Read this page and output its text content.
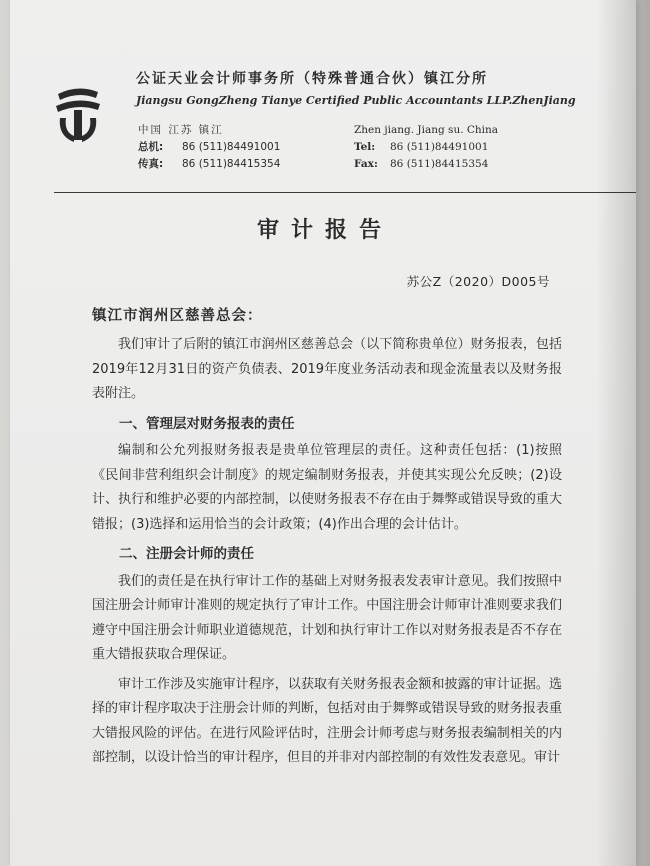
公证天业会计师事务所（特殊普通合伙）镇江分所
Jiangsu GongZheng Tianye Certified Public Accountants LLP.ZhenJiang
中国 江苏 镇江
总机: 86 (511)84491001
传真: 86 (511)84415354
Zhen jiang. Jiang su. China
Tel: 86 (511)84491001
Fax: 86 (511)84415354
审计报告
苏公Z（2020）D005号
镇江市润州区慈善总会：

我们审计了后附的镇江市润州区慈善总会（以下简称贵单位）财务报表，包括2019年12月31日的资产负债表、2019年度业务活动表和现金流量表以及财务报表附注。

一、管理层对财务报表的责任

编制和公允列报财务报表是贵单位管理层的责任。这种责任包括：(1)按照《民间非营利组织会计制度》的规定编制财务报表，并使其实现公允反映；(2)设计、执行和维护必要的内部控制，以使财务报表不存在由于舞弊或错误导致的重大错报；(3)选择和运用恰当的会计政策；(4)作出合理的会计估计。

二、注册会计师的责任

我们的责任是在执行审计工作的基础上对财务报表发表审计意见。我们按照中国注册会计师审计准则的规定执行了审计工作。中国注册会计师审计准则要求我们遵守中国注册会计师职业道德规范，计划和执行审计工作以对财务报表是否不存在重大错报获取合理保证。

审计工作涉及实施审计程序，以获取有关财务报表金额和披露的审计证据。选择的审计程序取决于注册会计师的判断，包括对由于舞弊或错误导致的财务报表重大错报风险的评估。在进行风险评估时，注册会计师考虑与财务报表编制相关的内部控制，以设计恰当的审计程序，但目的并非对内部控制的有效性发表意见。审计
